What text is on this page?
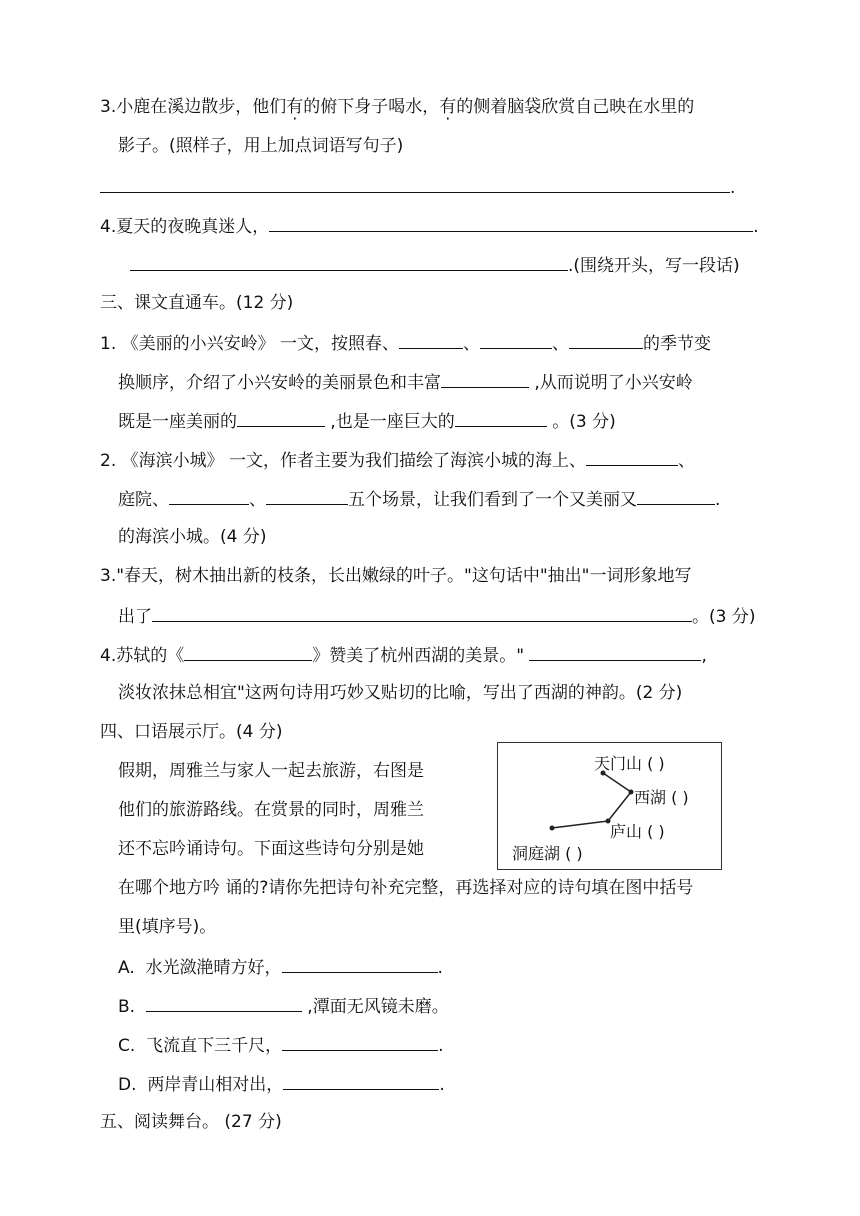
3.小鹿在溪边散步，他们有的俯下身子喝水，有的侧着脑袋欣赏自己映在水里的
影子。(照样子，用上加点词语写句子)
.
4.夏天的夜晚真迷人，	.
.(围绕开头，写一段话)
三、课文直通车。(12 分)
1. 《美丽的小兴安岭》 一文，按照春、	、	、	的季节变
换顺序，介绍了小兴安岭的美丽景色和丰富	,从而说明了小兴安岭
既是一座美丽的	,也是一座巨大的	。(3 分)
2. 《海滨小城》 一文，作者主要为我们描绘了海滨小城的海上、	、
庭院、	、	五个场景，让我们看到了一个又美丽又	.
的海滨小城。(4 分)
3."春天，树木抽出新的枝条，长出嫩绿的叶子。"这句话中"抽出"一词形象地写
出了	。(3 分)
4.苏轼的《	》赞美了杭州西湖的美景。"	,
淡妆浓抹总相宜"这两句诗用巧妙又贴切的比喻，写出了西湖的神韵。(2 分)
四、口语展示厅。(4 分)
假期，周雅兰与家人一起去旅游，右图是
他们的旅游路线。在赏景的同时，周雅兰
还不忘吟诵诗句。下面这些诗句分别是她
在哪个地方吟 诵的?请你先把诗句补充完整，再选择对应的诗句填在图中括号
里(填序号)。
天门山 ( )
西湖 ( )
庐山 ( )
洞庭湖 ( )
A. 水光潋滟晴方好，	.
B.	,潭面无风镜未磨。
C. 飞流直下三千尺，	.
D. 两岸青山相对出，	.
五、阅读舞台。 (27 分)
